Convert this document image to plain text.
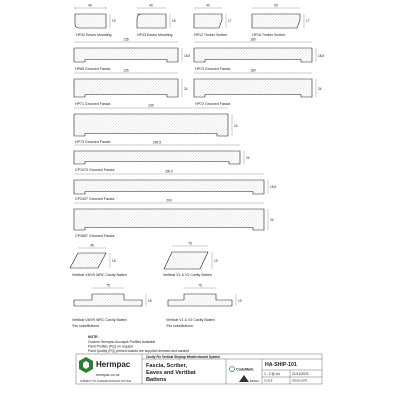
40
19
HP32 Eaves Moulding
40
18
HP33 Eaves Moulding
40
17
HP12 Timber Scriber
60
17
HP16 Timber Scriber
135
18.5
HP65 Grooved Fascia
180
18.5
HP73 Grooved Fascia
135
24
HP71 Grooved Fascia
180
24
HP72 Grooved Fascia
230
24
HP73 Grooved Fascia	245.5
24
CP1070 Grooved Fascia	290.0
18.5
CP2407 Grooved Fascia	290
24
CP3687 Grooved Fascia
45
18
Vertibat V8/V9 WRC Cavity Batten
75
19
Vertibat V1 & V2 Cavity Batten
75
18
Vertibat V8/V9 WRC Cavity Batten
*No substitutions
75
19
Vertibat V1 & V2 Cavity Batten
*No substitutions
NOTE:
Custom Hermpac Accuspik Profiles Available
Paint Profiles (PQ) on request
Paint Quality (PQ) primed boards are supplied dressed and sanded
Hermpac
hermpac.co.nz
SUBJECT TO CHANGE WITHOUT NOTICE
Cavity Fix Vertical Shiplap Weatherboard System
Fascia, Scriber,
Eaves and Vertibat
Battens
CodeMark
BRANZ
HA-SHIP-101
1 : 2 @ A4
SCALE
21/11/2021
ISSUE DATE
